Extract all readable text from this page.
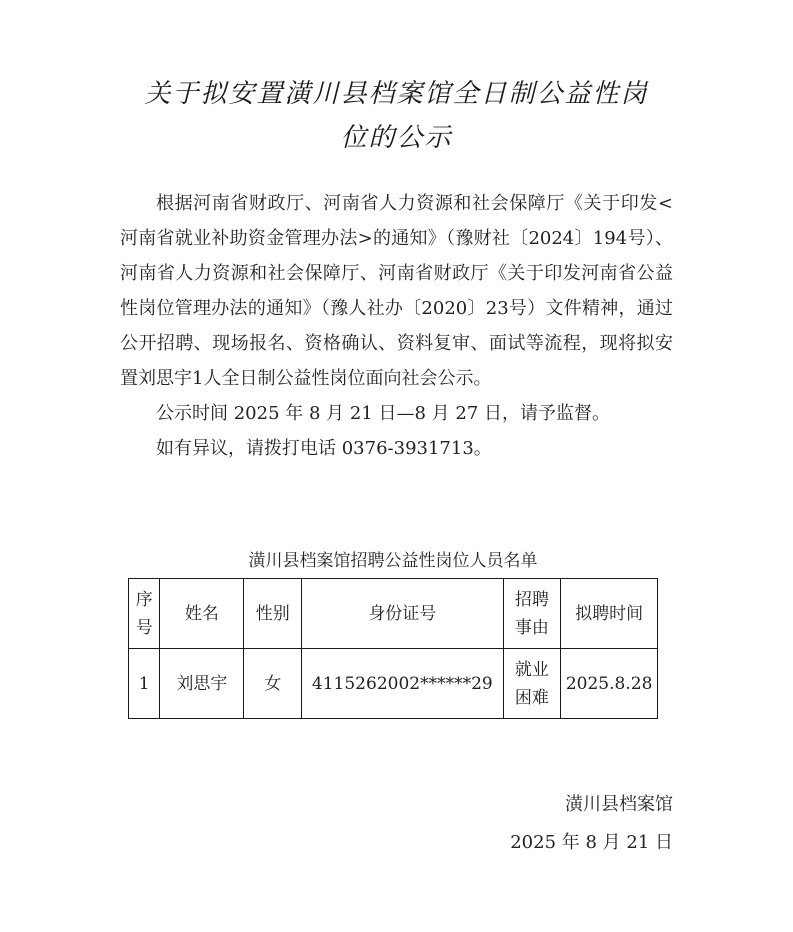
关于拟安置潢川县档案馆全日制公益性岗
位的公示

根据河南省财政厅、河南省人力资源和社会保障厅《关于印发<河南省就业补助资金管理办法>的通知》（豫财社〔2024〕194号）、河南省人力资源和社会保障厅、河南省财政厅《关于印发河南省公益性岗位管理办法的通知》（豫人社办〔2020〕23号）文件精神，通过公开招聘、现场报名、资格确认、资料复审、面试等流程，现将拟安置刘思宇1人全日制公益性岗位面向社会公示。

公示时间 2025 年 8 月 21 日—8 月 27 日，请予监督。

如有异议，请拨打电话 0376-3931713。

潢川县档案馆招聘公益性岗位人员名单
序号	姓名	性别	身份证号	招聘事由	拟聘时间
1	刘思宇	女	4115262002******29	就业困难	2025.8.28
潢川县档案馆
2025 年 8 月 21 日
